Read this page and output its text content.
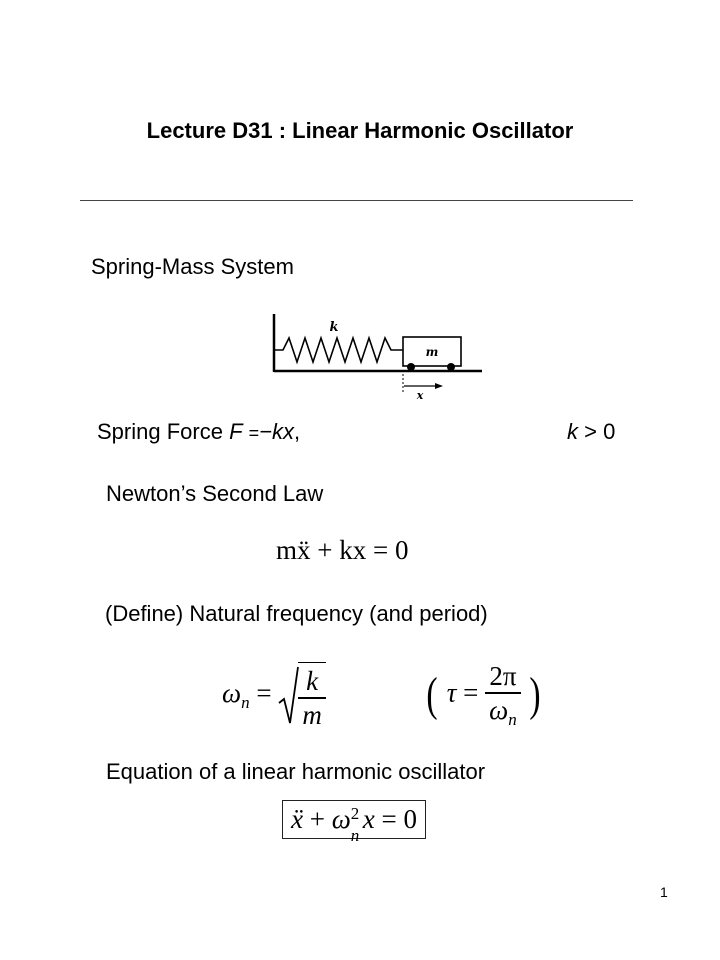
Lecture D31 : Linear Harmonic Oscillator
Spring-Mass System
m
k
x
Spring Force F =−kx,	k > 0
Newton’s Second Law
mẍ + kx = 0
(Define) Natural frequency (and period)
$\omega_n = \frac{k}{m}$ ( $\tau = \frac{2\pi}{\omega_n}$ )
Equation of a linear harmonic oscillator
ẍ + ω 2
n
x = 0
1
